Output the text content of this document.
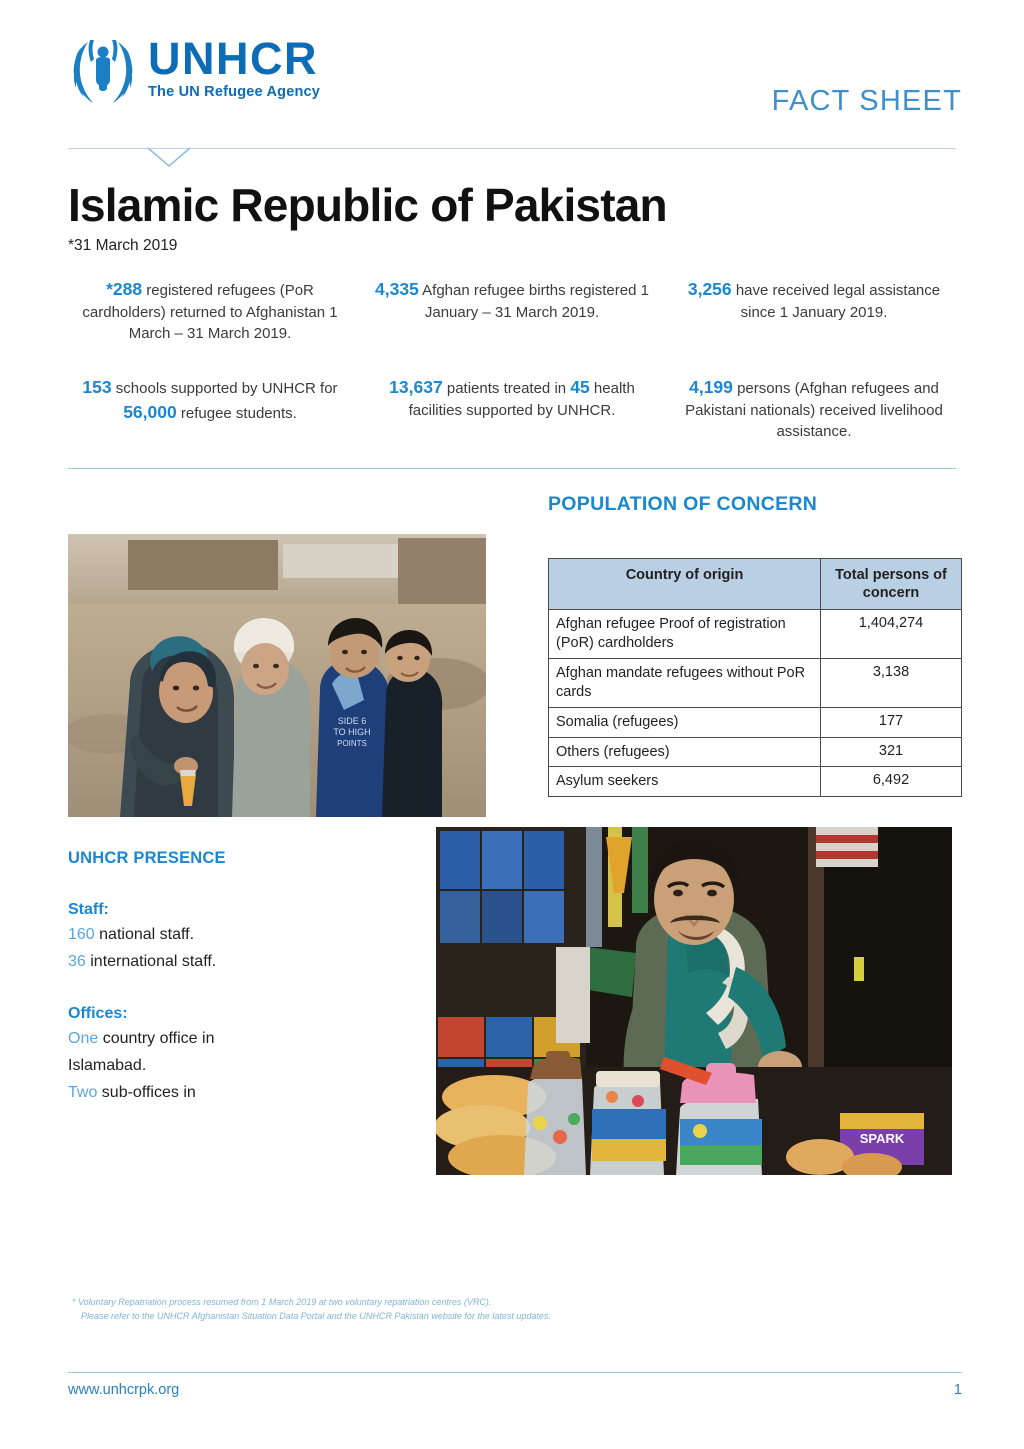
UNHCR
The UN Refugee Agency	FACT SHEET
Islamic Republic of Pakistan
*31 March 2019
*288 registered refugees (PoR cardholders) returned to Afghanistan 1 March – 31 March 2019.
4,335 Afghan refugee births registered 1 January – 31 March 2019.
3,256 have received legal assistance since 1 January 2019.
153 schools supported by UNHCR for 56,000 refugee students.
13,637 patients treated in 45 health facilities supported by UNHCR.
4,199 persons (Afghan refugees and Pakistani nationals) received livelihood assistance.
SIDE 6
TO HIGH
POINTS
POPULATION OF CONCERN
Country of origin	Total persons of concern
Afghan refugee Proof of registration (PoR) cardholders	1,404,274
Afghan mandate refugees without PoR cards	3,138
Somalia (refugees)	177
Others (refugees)	321
Asylum seekers	6,492
UNHCR PRESENCE
Staff:
160 national staff.
36 international staff.
Offices:
One country office in
Islamabad.
Two sub-offices in
SPARK
* Voluntary Repatriation process resumed from 1 March 2019 at two voluntary repatriation centres (VRC).
Please refer to the UNHCR Afghanistan Situation Data Portal and the UNHCR Pakistan website for the latest updates.
www.unhcrpk.org	1
